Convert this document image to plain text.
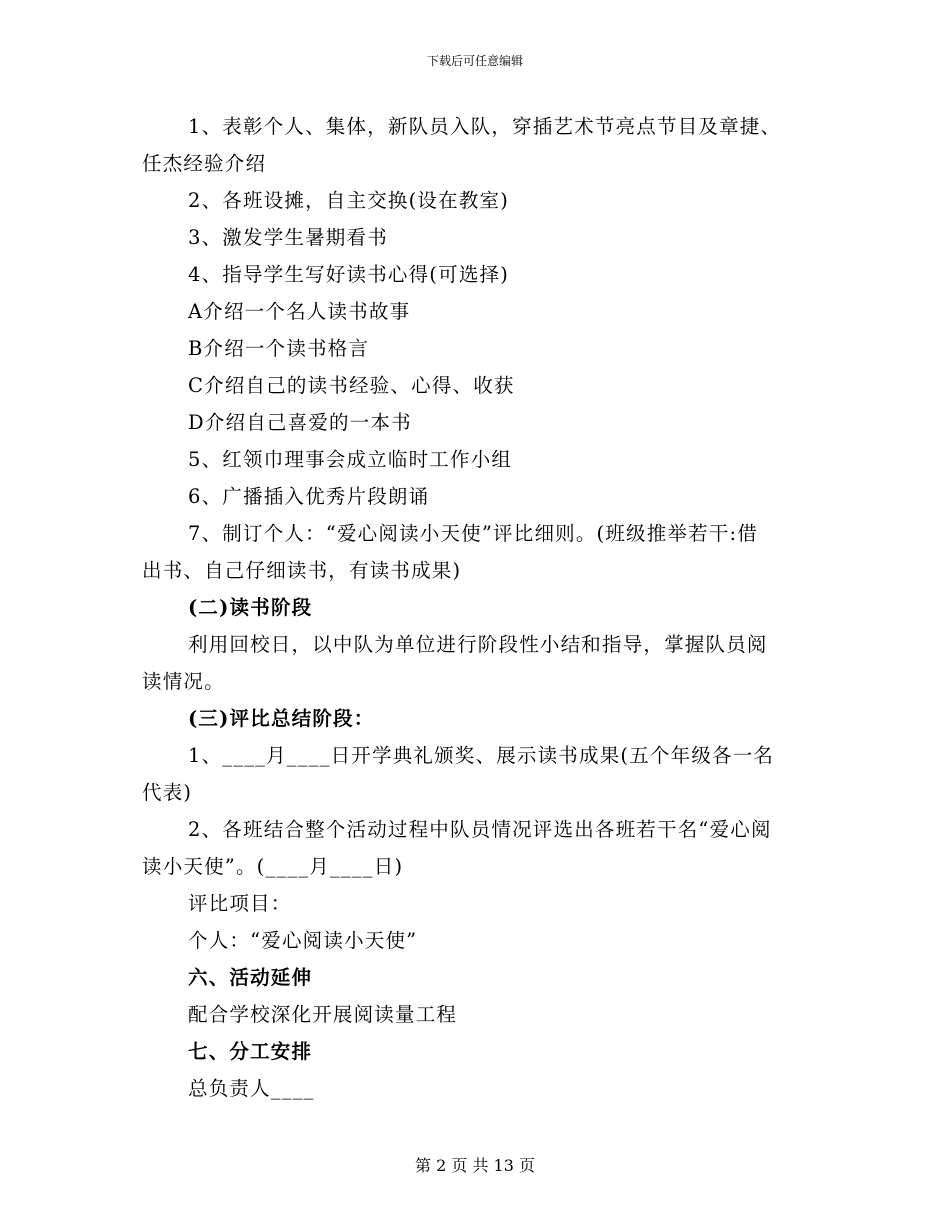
下载后可任意编辑

1、表彰个人、集体，新队员入队，穿插艺术节亮点节目及章捷、

任杰经验介绍

2、各班设摊，自主交换(设在教室)

3、激发学生暑期看书

4、指导学生写好读书心得(可选择)

A介绍一个名人读书故事

B介绍一个读书格言

C介绍自己的读书经验、心得、收获

D介绍自己喜爱的一本书

5、红领巾理事会成立临时工作小组

6、广播插入优秀片段朗诵

7、制订个人：“爱心阅读小天使”评比细则。(班级推举若干:借

出书、自己仔细读书，有读书成果)

(二)读书阶段

利用回校日，以中队为单位进行阶段性小结和指导，掌握队员阅

读情况。

(三)评比总结阶段：

1、____月____日开学典礼颁奖、展示读书成果(五个年级各一名

代表)

2、各班结合整个活动过程中队员情况评选出各班若干名“爱心阅

读小天使”。(____月____日)

评比项目：

个人：“爱心阅读小天使”

六、活动延伸

配合学校深化开展阅读量工程

七、分工安排

总负责人____

第 2 页 共 13 页
